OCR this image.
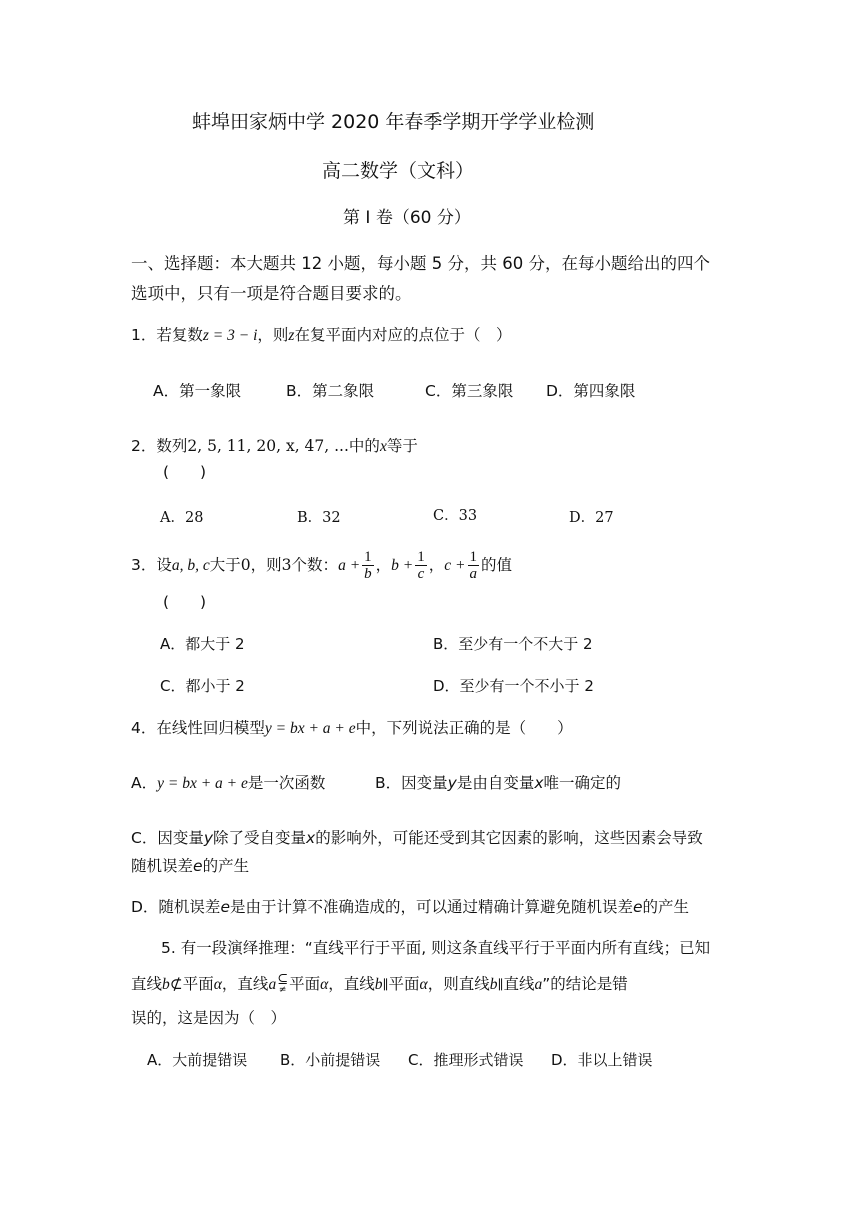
蚌埠田家炳中学 2020 年春季学期开学学业检测
高二数学（文科）
第 I 卷（60 分）
一、选择题：本大题共 12 小题，每小题 5 分，共 60 分，在每小题给出的四个
选项中，只有一项是符合题目要求的。
1．若复数z = 3 − i，则z在复平面内对应的点位于（　）
A．第一象限	B．第二象限	C．第三象限 D．第四象限
2．数列2, 5, 11, 20, x, 47, ...中的x等于
(　　)
A．28	B．32	C．33	D．27
3．设a, b, c大于0，则3个数：$a + \frac{1}{b}$ ，$b + \frac{1}{c}$ ，$c + \frac{1}{a}$ 的值
(　　)
A．都大于 2	B．至少有一个不大于 2
C．都小于 2	D．至少有一个不小于 2
4．在线性回归模型y = bx + a + e中，下列说法正确的是（　　）
A．y = bx + a + e是一次函数	B．因变量y是由自变量x唯一确定的
C．因变量y除了受自变量x的影响外，可能还受到其它因素的影响，这些因素会导致
随机误差e的产生
D．随机误差e是由于计算不准确造成的，可以通过精确计算避免随机误差e的产生
5. 有一段演绎推理：“直线平行于平面, 则这条直线平行于平面内所有直线；已知
直线b⊄平面α，直线a ⊆
≠ 平面α，直线b∥平面α，则直线b∥直线a”的结论是错
误的，这是因为（　）
A．大前提错误 B．小前提错误 C．推理形式错误 D．非以上错误
